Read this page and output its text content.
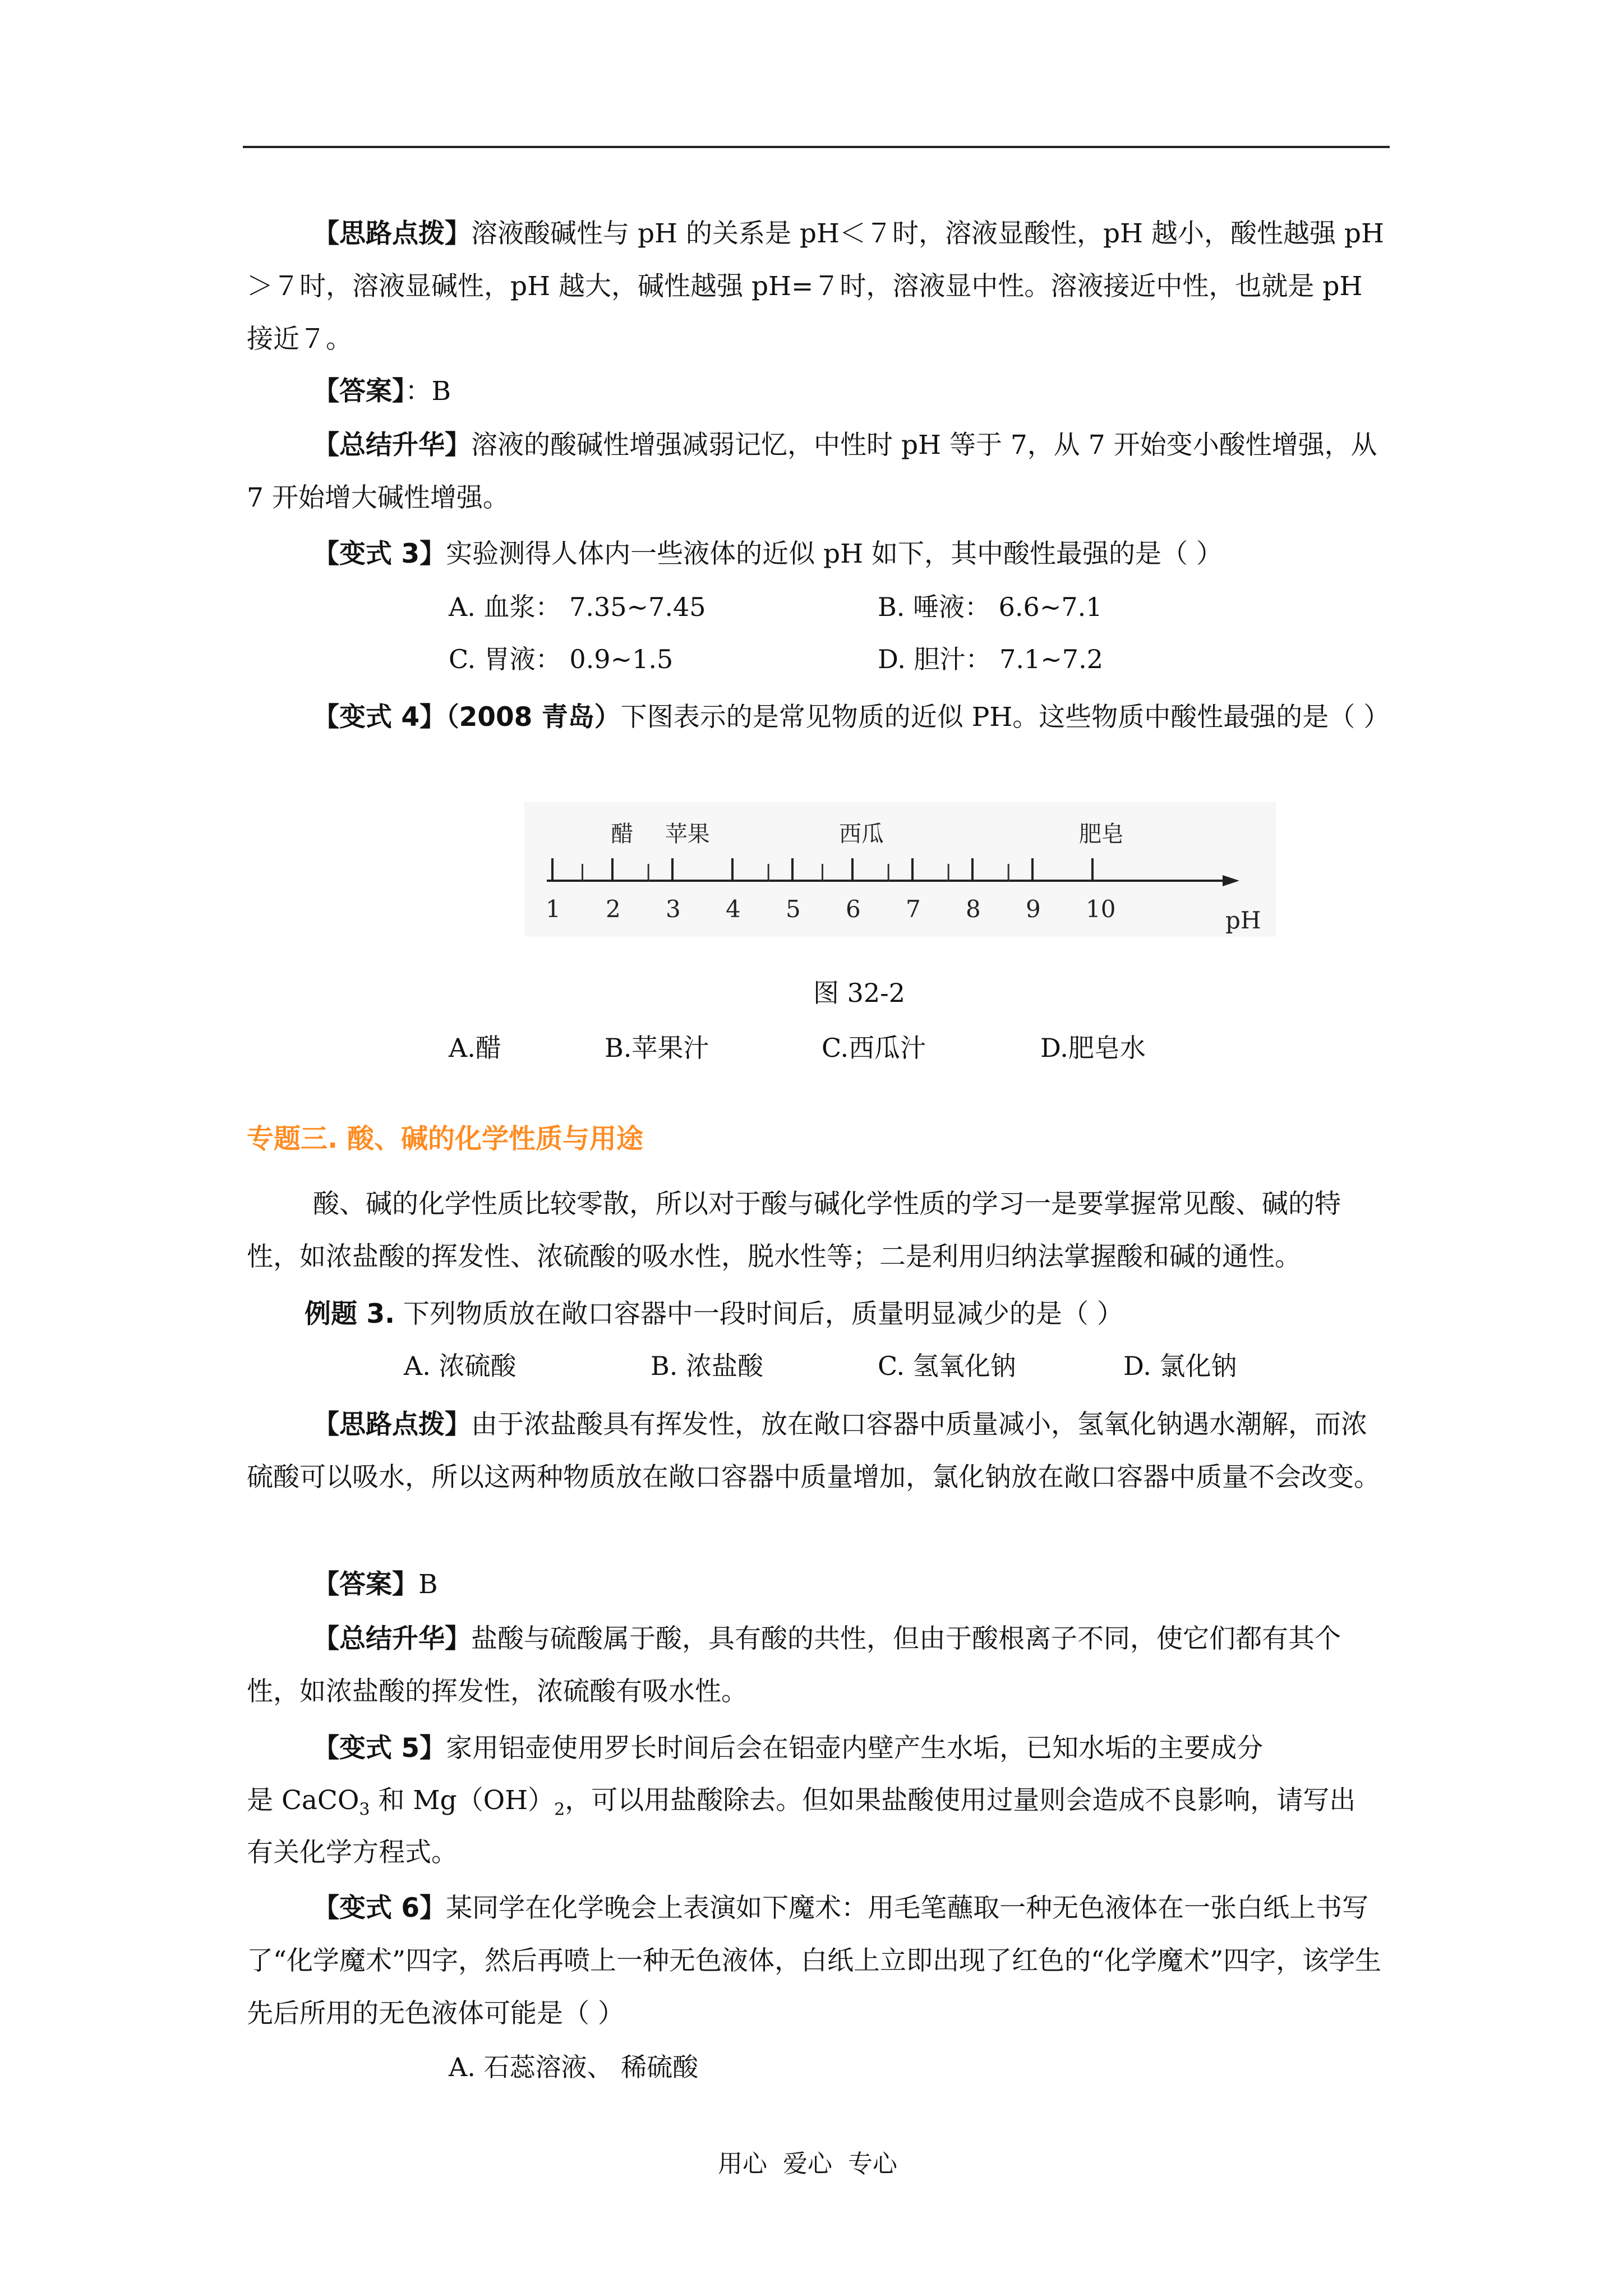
【思路点拨】溶液酸碱性与 pH 的关系是 pH＜７时，溶液显酸性，pH 越小，酸性越强 pH ＞７时，溶液显碱性，pH 越大，碱性越强 pH=７时，溶液显中性。溶液接近中性，也就是 pH 接近７。
【答案】：B
【总结升华】溶液的酸碱性增强减弱记忆，中性时 pH 等于 7，从 7 开始变小酸性增强，从 7 开始增大碱性增强。
【变式 3】实验测得人体内一些液体的近似 pH 如下，其中酸性最强的是（ ）
A. 血浆： 7.35~7.45	B. 唾液： 6.6~7.1
C. 胃液： 0.9~1.5	D. 胆汁： 7.1~7.2
【变式 4】（2008 青岛）下图表示的是常见物质的近似 PH。这些物质中酸性最强的是（ ）
1 2 3 4 5 6 7 8 9 10
醋 苹果	西瓜	肥皂
pH
图 32-2
A.醋	B.苹果汁	C.西瓜汁	D.肥皂水
专题三. 酸、碱的化学性质与用途
酸、碱的化学性质比较零散，所以对于酸与碱化学性质的学习一是要掌握常见酸、碱的特性，如浓盐酸的挥发性、浓硫酸的吸水性，脱水性等；二是利用归纳法掌握酸和碱的通性。
例题 3. 下列物质放在敞口容器中一段时间后，质量明显减少的是（ ）
A. 浓硫酸	B. 浓盐酸	C. 氢氧化钠	D. 氯化钠
【思路点拨】由于浓盐酸具有挥发性，放在敞口容器中质量减小，氢氧化钠遇水潮解，而浓硫酸可以吸水，所以这两种物质放在敞口容器中质量增加，氯化钠放在敞口容器中质量不会改变。
【答案】B
【总结升华】盐酸与硫酸属于酸，具有酸的共性，但由于酸根离子不同，使它们都有其个性，如浓盐酸的挥发性，浓硫酸有吸水性。
【变式 5】家用铝壶使用罗长时间后会在铝壶内壁产生水垢，已知水垢的主要成分
是 CaCO$_3$ 和 $Mg(OH)_2$，可以用盐酸除去。但如果盐酸使用过量则会造成不良影响，请写出
有关化学方程式。
【变式 6】某同学在化学晚会上表演如下魔术：用毛笔蘸取一种无色液体在一张白纸上书写了“化学魔术”四字，然后再喷上一种无色液体，白纸上立即出现了红色的“化学魔术”四字，该学生先后所用的无色液体可能是（ ）
A. 石蕊溶液、 稀硫酸
用心  爱心  专心
